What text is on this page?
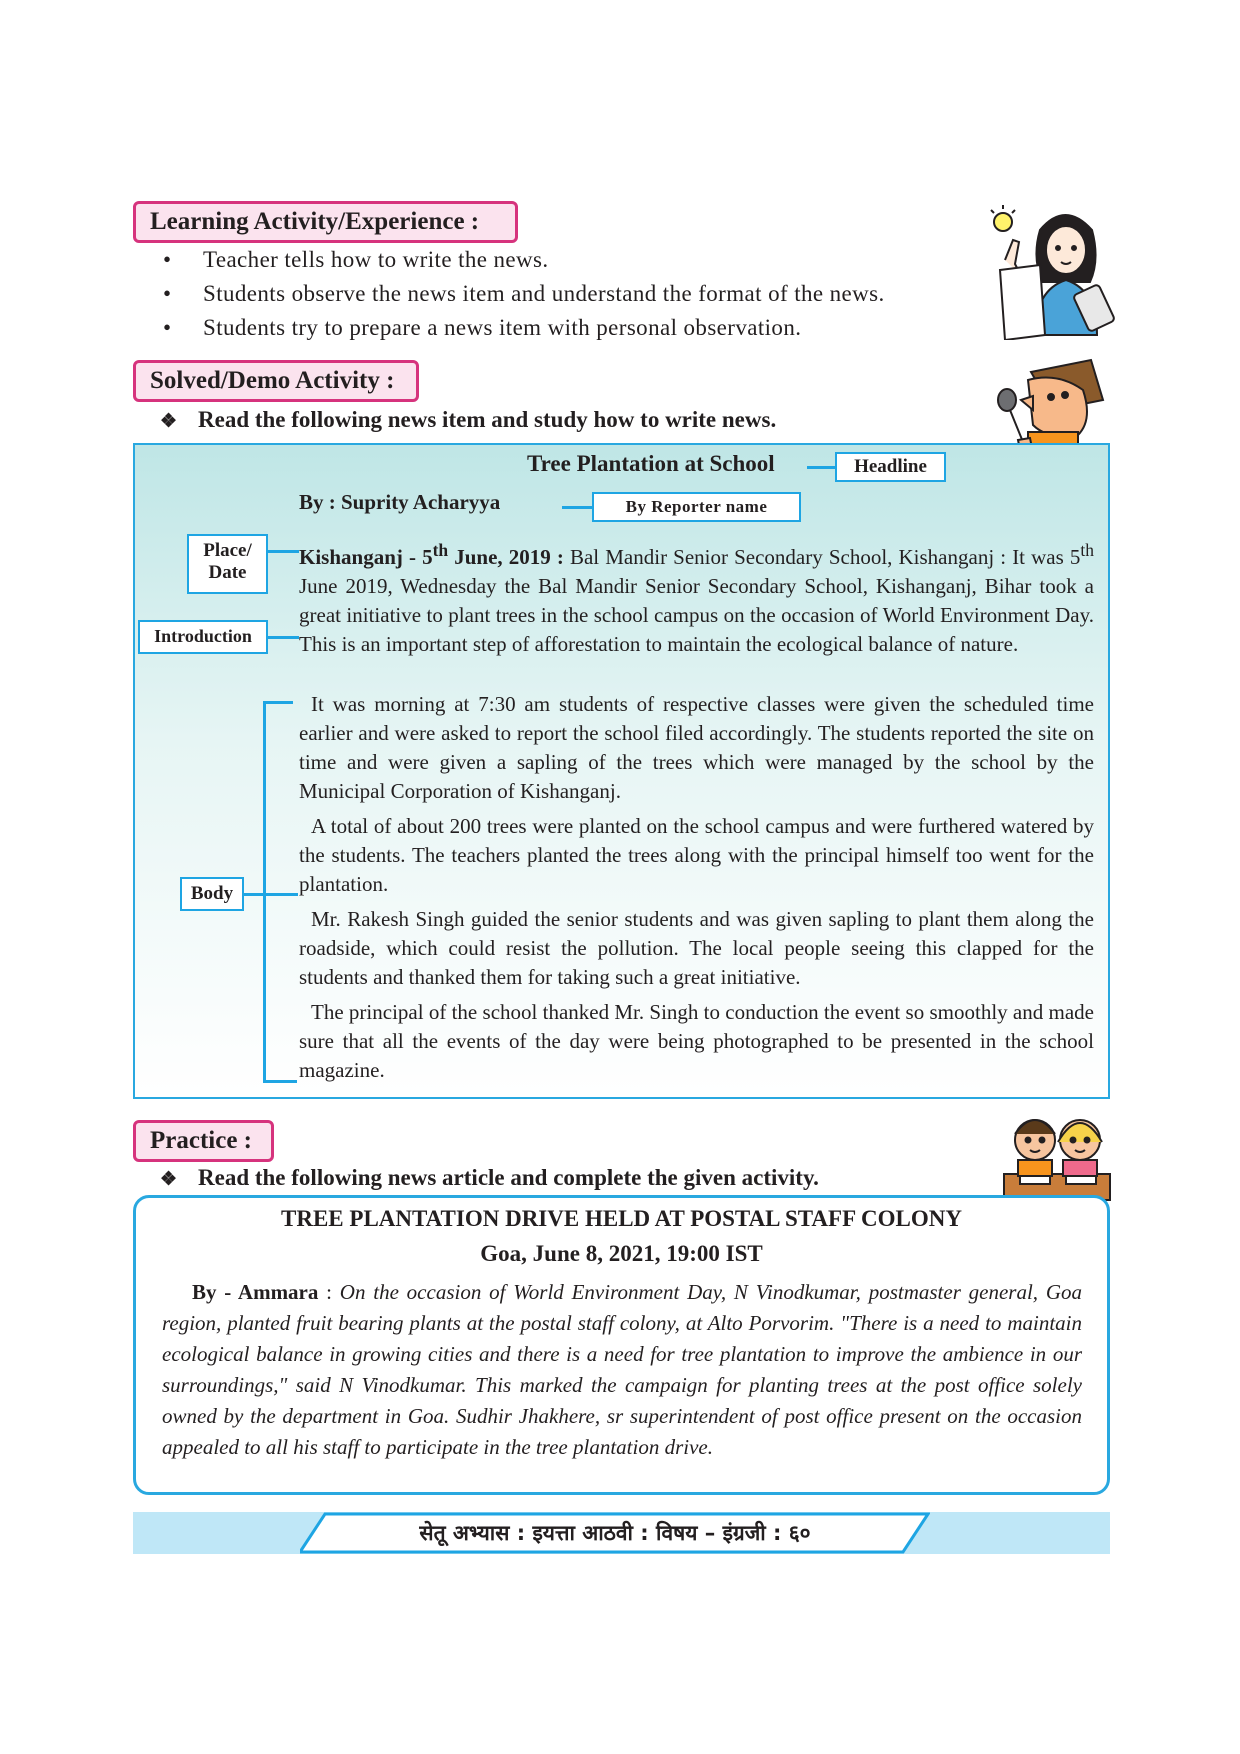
Learning Activity/Experience :
• Teacher tells how to write the news.
• Students observe the news item and understand the format of the news.
• Students try to prepare a news item with personal observation.
Solved/Demo Activity :
❖ Read the following news item and study how to write news.
Tree Plantation at School	Headline
By : Suprity Acharyya	By Reporter name
Place/
Date
Introduction
Kishanganj - 5th June, 2019 : Bal Mandir Senior Secondary School, Kishanganj : It was 5th June 2019, Wednesday the Bal Mandir Senior Secondary School, Kishanganj, Bihar took a great initiative to plant trees in the school campus on the occasion of World Environment Day. This is an important step of afforestation to maintain the ecological balance of nature.
Body
It was morning at 7:30 am students of respective classes were given the scheduled time earlier and were asked to report the school filed accordingly. The students reported the site on time and were given a sapling of the trees which were managed by the school by the Municipal Corporation of Kishanganj.
A total of about 200 trees were planted on the school campus and were furthered watered by the students. The teachers planted the trees along with the principal himself too went for the plantation.
Mr. Rakesh Singh guided the senior students and was given sapling to plant them along the roadside, which could resist the pollution. The local people seeing this clapped for the students and thanked them for taking such a great initiative.
The principal of the school thanked Mr. Singh to conduction the event so smoothly and made sure that all the events of the day were being photographed to be presented in the school magazine.
Practice :
❖ Read the following news article and complete the given activity.
TREE PLANTATION DRIVE HELD AT POSTAL STAFF COLONY
Goa, June 8, 2021, 19:00 IST
By - Ammara : On the occasion of World Environment Day, N Vinodkumar, postmaster general, Goa region, planted fruit bearing plants at the postal staff colony, at Alto Porvorim. "There is a need to maintain ecological balance in growing cities and there is a need for tree plantation to improve the ambience in our surroundings," said N Vinodkumar. This marked the campaign for planting trees at the post office solely owned by the department in Goa. Sudhir Jhakhere, sr superintendent of post office present on the occasion appealed to all his staff to participate in the tree plantation drive.
सेतू अभ्यास : इयत्ता आठवी : विषय – इंग्रजी : ६०
